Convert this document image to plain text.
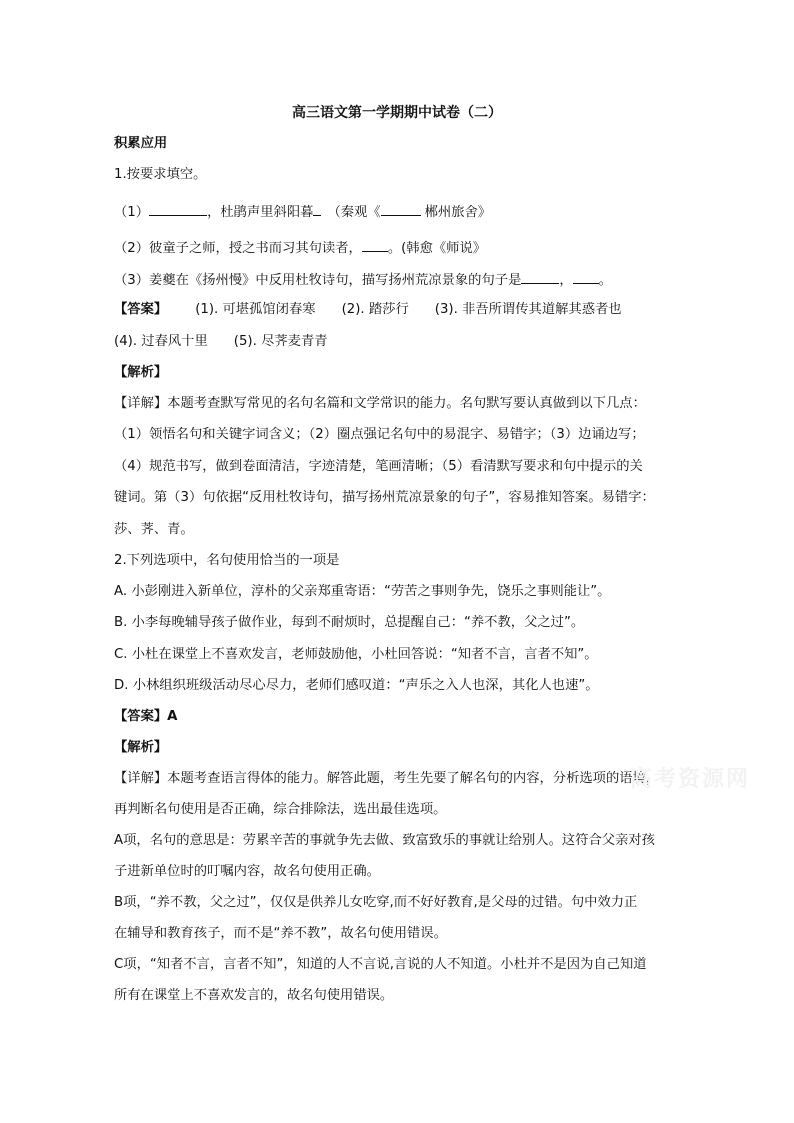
高三语文第一学期期中试卷（二）
积累应用
1.按要求填空。
（1）	，杜鹃声里斜阳暮 （秦观《	郴州旅舍》
（2）彼童子之师，授之书而习其句读者， 。(韩愈《师说》
（3）姜夔在《扬州慢》中反用杜牧诗句，描写扬州荒凉景象的句子是	， 。
【答案】 (1). 可堪孤馆闭春寒 (2). 踏莎行 (3). 非吾所谓传其道解其惑者也
(4). 过春风十里 (5). 尽荠麦青青
【解析】
【详解】本题考查默写常见的名句名篇和文学常识的能力。名句默写要认真做到以下几点：
（1）领悟名句和关键字词含义；（2）圈点强记名句中的易混字、易错字；（3）边诵边写；
（4）规范书写，做到卷面清洁，字迹清楚，笔画清晰；（5）看清默写要求和句中提示的关
键词。第（3）句依据“反用杜牧诗句，描写扬州荒凉景象的句子”，容易推知答案。易错字：
莎、荠、青。
2.下列选项中，名句使用恰当的一项是
A. 小彭刚进入新单位，淳朴的父亲郑重寄语：“劳苦之事则争先，饶乐之事则能让”。
B. 小李每晚辅导孩子做作业，每到不耐烦时，总提醒自己：“养不教，父之过”。
C. 小杜在课堂上不喜欢发言，老师鼓励他，小杜回答说：“知者不言，言者不知”。
D. 小林组织班级活动尽心尽力，老师们感叹道：“声乐之入人也深，其化人也速”。
【答案】A
【解析】
【详解】本题考查语言得体的能力。解答此题，考生先要了解名句的内容，分析选项的语境，
再判断名句使用是否正确，综合排除法，选出最佳选项。
A项，名句的意思是：劳累辛苦的事就争先去做、致富致乐的事就让给别人。这符合父亲对孩
子进新单位时的叮嘱内容，故名句使用正确。
B项，“养不教，父之过”，仅仅是供养儿女吃穿,而不好好教育,是父母的过错。句中效力正
在辅导和教育孩子，而不是“养不教”，故名句使用错误。
C项，“知者不言，言者不知”，知道的人不言说,言说的人不知道。小杜并不是因为自己知道
所有在课堂上不喜欢发言的，故名句使用错误。
高考资源网
